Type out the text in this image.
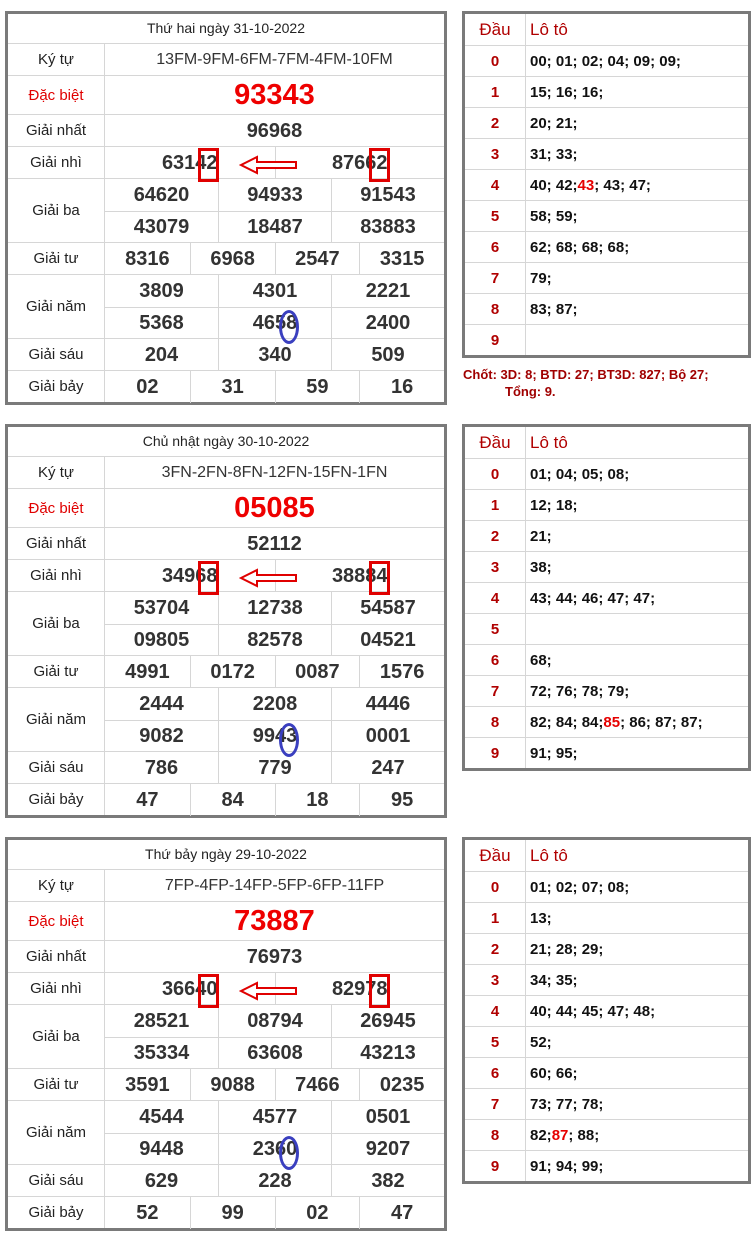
Thứ hai ngày 31-10-2022
Ký tự	13FM-9FM-6FM-7FM-4FM-10FM
Đặc biệt	93343
Giải nhất	96968
Giải nhì	63142	87662
Giải ba
64620	94933	91543
43079	18487	83883
Giải tư	8316	6968	2547	3315
Giải năm
3809	4301	2221
5368	4658	2400
Giải sáu	204	340	509
Giải bảy	02	31	59	16
Đầu	Lô tô
0	00; 01; 02; 04; 09; 09;
1	15; 16; 16;
2	20; 21;
3	31; 33;
4	40; 42; 43 ; 43; 47;
5	58; 59;
6	62; 68; 68; 68;
7	79;
8	83; 87;
9
Chốt: 3D: 8; BTD: 27; BT3D: 827; Bộ 27;
Tổng: 9.
Chủ nhật ngày 30-10-2022
Ký tự	3FN-2FN-8FN-12FN-15FN-1FN
Đặc biệt	05085
Giải nhất	52112
Giải nhì	34968	38884
Giải ba
53704	12738	54587
09805	82578	04521
Giải tư	4991	0172	0087	1576
Giải năm
2444	2208	4446
9082	9943	0001
Giải sáu	786	779	247
Giải bảy	47	84	18	95
Đầu	Lô tô
0	01; 04; 05; 08;
1	12; 18;
2	21;
3	38;
4	43; 44; 46; 47; 47;
5
6	68;
7	72; 76; 78; 79;
8	82; 84; 84; 85 ; 86; 87; 87;
9	91; 95;
Thứ bảy ngày 29-10-2022
Ký tự	7FP-4FP-14FP-5FP-6FP-11FP
Đặc biệt	73887
Giải nhất	76973
Giải nhì	36640	82978
Giải ba
28521	08794	26945
35334	63608	43213
Giải tư	3591	9088	7466	0235
Giải năm
4544	4577	0501
9448	2360	9207
Giải sáu	629	228	382
Giải bảy	52	99	02	47
Đầu	Lô tô
0	01; 02; 07; 08;
1	13;
2	21; 28; 29;
3	34; 35;
4	40; 44; 45; 47; 48;
5	52;
6	60; 66;
7	73; 77; 78;
8	82; 87 ; 88;
9	91; 94; 99;
